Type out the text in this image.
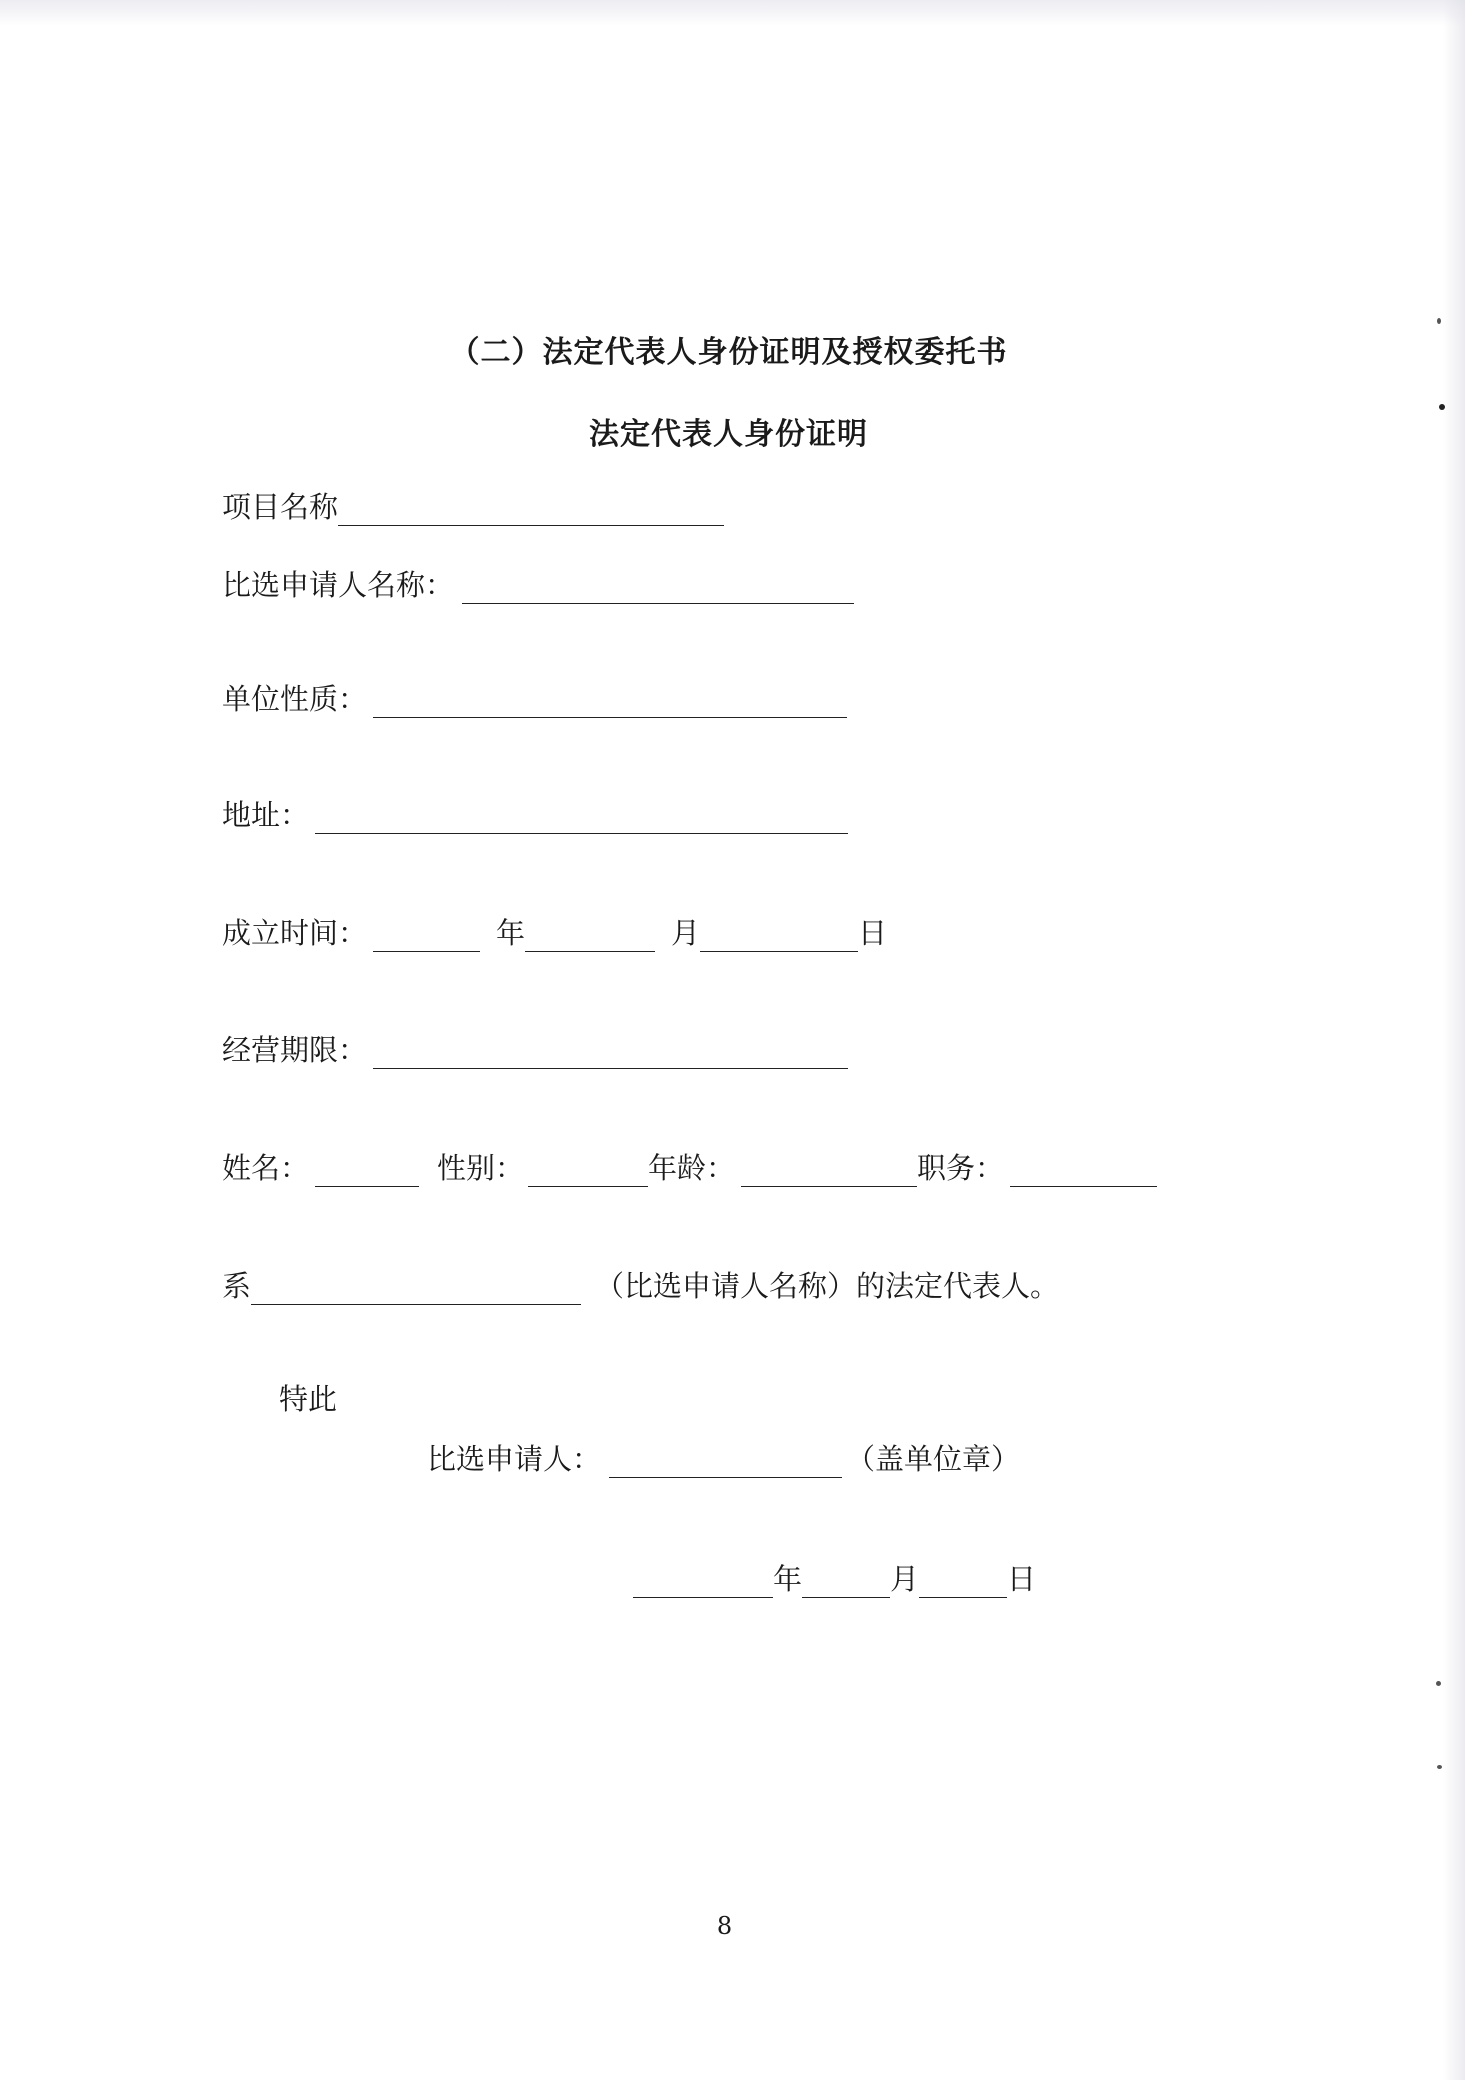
（二）法定代表人身份证明及授权委托书
法定代表人身份证明
项目名称
比选申请人名称：
单位性质：
地址：
成立时间：	年	月	日
经营期限：
姓名：	性别：	年龄：	职务：
系	（比选申请人名称）的法定代表人。
特此
比选申请人：	（盖单位章）
年	月	日
8
